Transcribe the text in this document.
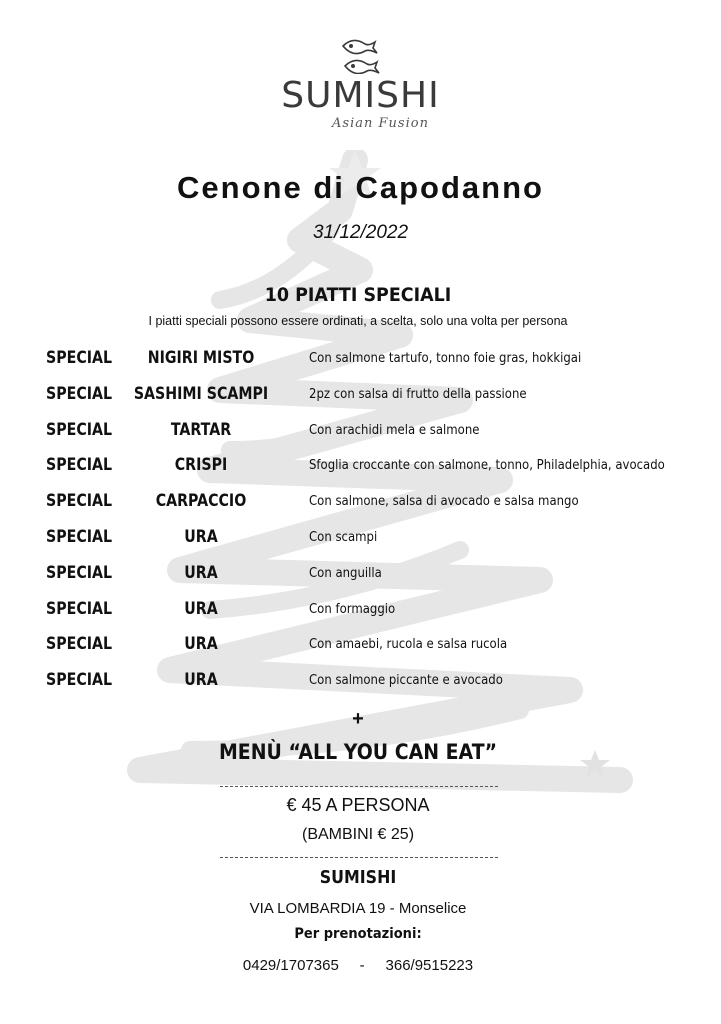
SUMISHI
Asian Fusion
Cenone di Capodanno
31/12/2022
10 PIATTI SPECIALI
I piatti speciali possono essere ordinati, a scelta, solo una volta per persona
SPECIAL	NIGIRI MISTO	Con salmone tartufo, tonno foie gras, hokkigai
SPECIAL	SASHIMI SCAMPI	2pz con salsa di frutto della passione
SPECIAL	TARTAR	Con arachidi mela e salmone
SPECIAL	CRISPI	Sfoglia croccante con salmone, tonno, Philadelphia, avocado
SPECIAL	CARPACCIO	Con salmone, salsa di avocado e salsa mango
SPECIAL	URA	Con scampi
SPECIAL	URA	Con anguilla
SPECIAL	URA	Con formaggio
SPECIAL	URA	Con amaebi, rucola e salsa rucola
SPECIAL	URA	Con salmone piccante e avocado
+
MENÙ “ALL YOU CAN EAT”
€ 45 A PERSONA
(BAMBINI € 25)
SUMISHI
VIA LOMBARDIA 19 - Monselice
Per prenotazioni:
0429/1707365 - 366/9515223
